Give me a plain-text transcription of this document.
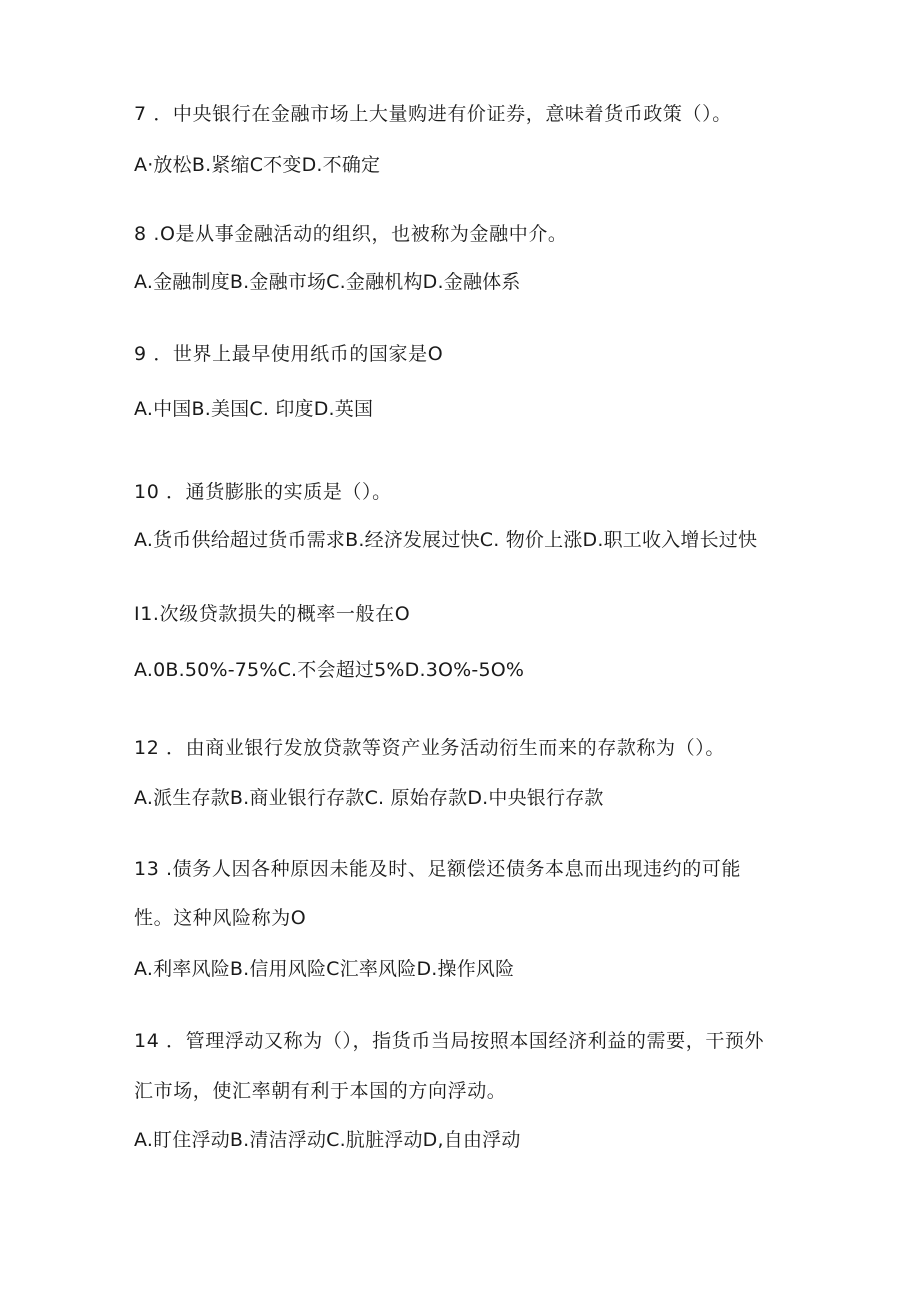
7 ．中央银行在金融市场上大量购进有价证券，意味着货币政策（）。
A·放松B.紧缩C不变D.不确定
8 .O是从事金融活动的组织，也被称为金融中介。
A.金融制度B.金融市场C.金融机构D.金融体系
9 ．世界上最早使用纸币的国家是O
A.中国B.美国C. 印度D.英国
10 ．通货膨胀的实质是（）。
A.货币供给超过货币需求B.经济发展过快C. 物价上涨D.职工收入增长过快
I1.次级贷款损失的概率一般在O
A.0B.50%-75%C.不会超过5%D.3O%-5O%
12 ．由商业银行发放贷款等资产业务活动衍生而来的存款称为（）。
A.派生存款B.商业银行存款C. 原始存款D.中央银行存款
13 .债务人因各种原因未能及时、足额偿还债务本息而出现违约的可能
性。这种风险称为O
A.利率风险B.信用风险C汇率风险D.操作风险
14 ．管理浮动又称为（），指货币当局按照本国经济利益的需要，干预外
汇市场，使汇率朝有利于本国的方向浮动。
A.盯住浮动B.清洁浮动C.肮脏浮动D,自由浮动
